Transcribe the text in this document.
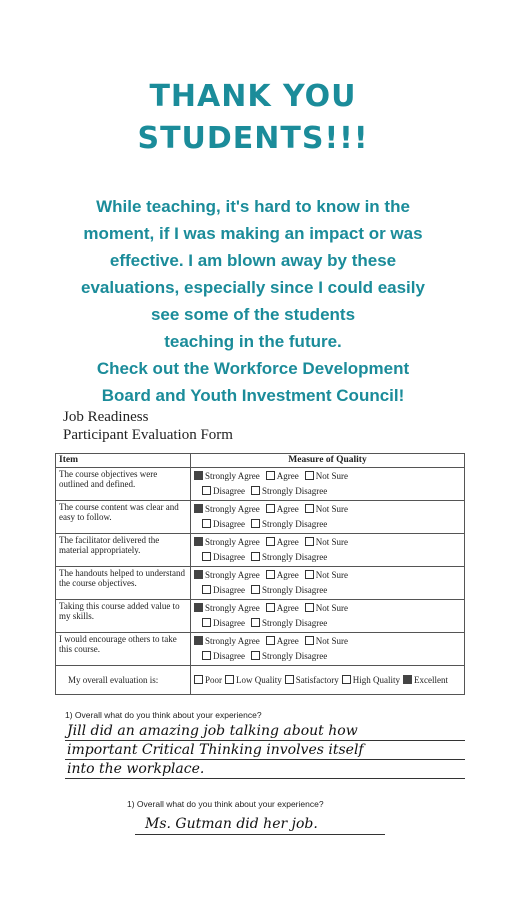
THANK YOU
STUDENTS!!!
While teaching, it's hard to know in the
moment, if I was making an impact or was
effective. I am blown away by these
evaluations, especially since I could easily
see some of the students
teaching in the future.
Check out the Workforce Development
Board and Youth Investment Council!
Job Readiness
Participant Evaluation Form
Item	Measure of Quality
The course objectives were outlined and defined.	Strongly Agree Agree Not Sure
Disagree Strongly Disagree

The course content was clear and easy to follow.	Strongly Agree Agree Not Sure
Disagree Strongly Disagree

The facilitator delivered the material appropriately.	Strongly Agree Agree Not Sure
Disagree Strongly Disagree

The handouts helped to understand the course objectives.	Strongly Agree Agree Not Sure
Disagree Strongly Disagree

Taking this course added value to my skills.	Strongly Agree Agree Not Sure
Disagree Strongly Disagree

I would encourage others to take this course.	Strongly Agree Agree Not Sure
Disagree Strongly Disagree

My overall evaluation is:	Poor Low Quality Satisfactory High Quality Excellent
1) Overall what do you think about your experience?
Jill did an amazing job talking about how
important Critical Thinking involves itself
into the workplace.
1) Overall what do you think about your experience?
Ms. Gutman did her job.
